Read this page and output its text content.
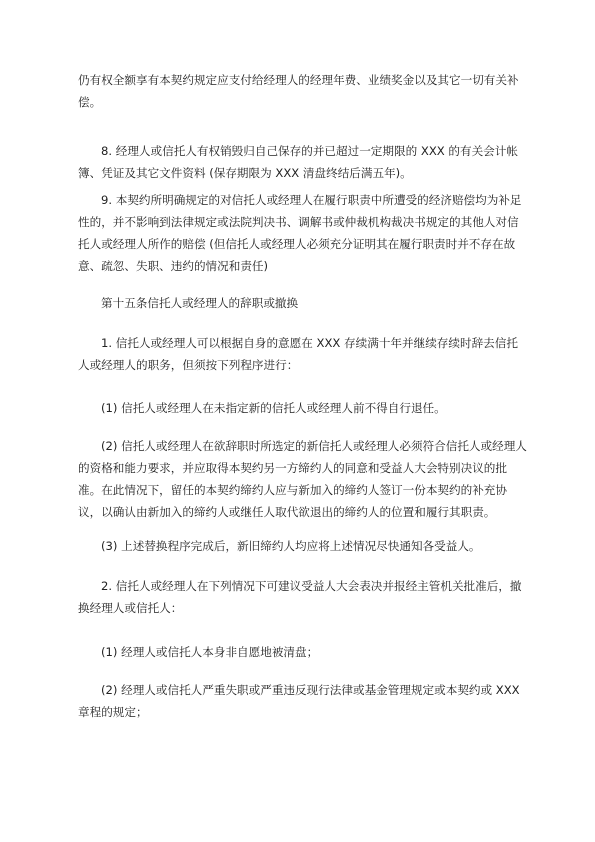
仍有权全额享有本契约规定应支付给经理人的经理年费、业绩奖金以及其它一切有关补偿。

8. 经理人或信托人有权销毁归自己保存的并已超过一定期限的 XXX 的有关会计帐簿、凭证及其它文件资料 (保存期限为 XXX 清盘终结后满五年)。

9. 本契约所明确规定的对信托人或经理人在履行职责中所遭受的经济赔偿均为补足性的，并不影响到法律规定或法院判决书、调解书或仲裁机构裁决书规定的其他人对信托人或经理人所作的赔偿 (但信托人或经理人必须充分证明其在履行职责时并不存在故意、疏忽、失职、违约的情况和责任)

第十五条信托人或经理人的辞职或撤换

1. 信托人或经理人可以根据自身的意愿在 XXX 存续满十年并继续存续时辞去信托人或经理人的职务，但须按下列程序进行：

(1) 信托人或经理人在未指定新的信托人或经理人前不得自行退任。

(2) 信托人或经理人在欲辞职时所选定的新信托人或经理人必须符合信托人或经理人的资格和能力要求，并应取得本契约另一方缔约人的同意和受益人大会特别决议的批准。在此情况下，留任的本契约缔约人应与新加入的缔约人签订一份本契约的补充协议，以确认由新加入的缔约人或继任人取代欲退出的缔约人的位置和履行其职责。

(3) 上述替换程序完成后，新旧缔约人均应将上述情况尽快通知各受益人。

2. 信托人或经理人在下列情况下可建议受益人大会表决并报经主管机关批准后，撤换经理人或信托人：

(1) 经理人或信托人本身非自愿地被清盘；

(2) 经理人或信托人严重失职或严重违反现行法律或基金管理规定或本契约或 XXX 章程的规定；
